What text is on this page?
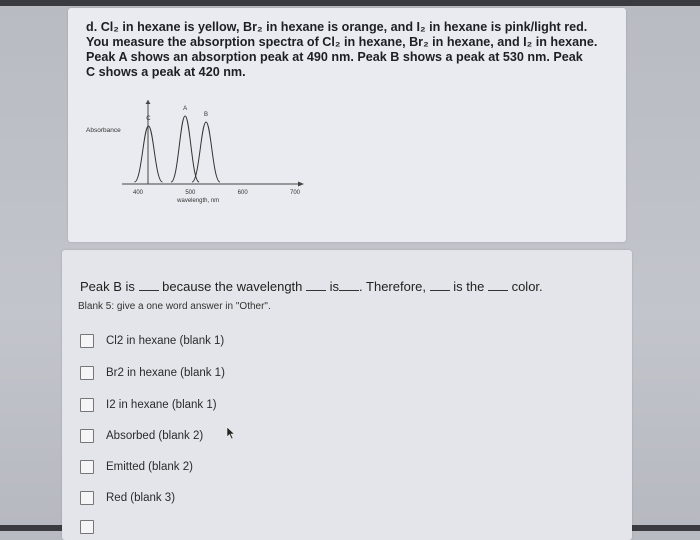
d. Cl₂ in hexane is yellow, Br₂ in hexane is orange, and I₂ in hexane is pink/light red.
You measure the absorption spectra of Cl₂ in hexane, Br₂ in hexane, and I₂ in hexane.
Peak A shows an absorption peak at 490 nm. Peak B shows a peak at 530 nm. Peak
C shows a peak at 420 nm.
Absorbance
400	500	600	700
wavelength, nm
C
A
B
Peak B is because the wavelength is . Therefore, is the color.
Blank 5: give a one word answer in "Other".
Cl2 in hexane (blank 1)
Br2 in hexane (blank 1)
I2 in hexane (blank 1)
Absorbed (blank 2)
Emitted (blank 2)
Red (blank 3)
